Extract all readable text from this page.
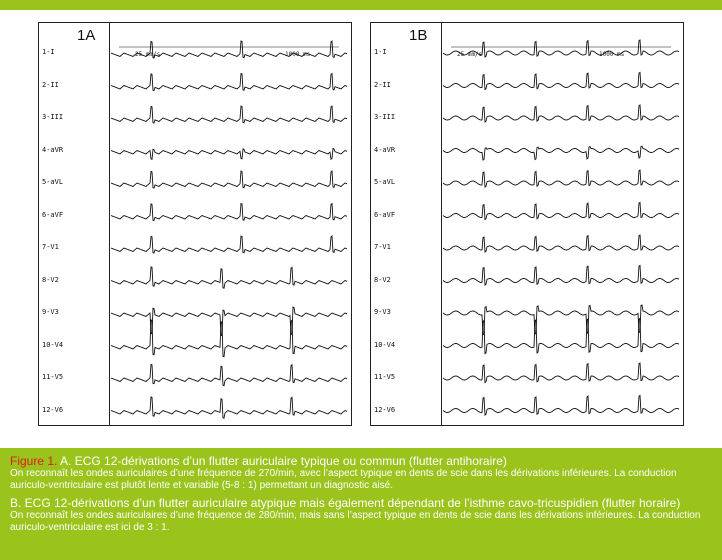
1A
25 mm/s	1000 ms
1-I
2-II
3-III
4-aVR
5-aVL
6-aVF
7-V1
8-V2
9-V3
10-V4
11-V5
12-V6
1B
25 mm/s	1000 ms
1-I
2-II
3-III
4-aVR
5-aVL
6-aVF
7-V1
8-V2
9-V3
10-V4
11-V5
12-V6
Figure 1. A. ECG 12-dérivations d’un flutter auriculaire typique ou commun (flutter antihoraire)
On reconnaît les ondes auriculaires d’une fréquence de 270/min, avec l’aspect typique en dents de scie dans les dérivations inférieures. La conduction auriculo-ventriculaire est plutôt lente et variable (5-8 : 1) permettant un diagnostic aisé.
B. ECG 12-dérivations d’un flutter auriculaire atypique mais également dépendant de l’isthme cavo-tricuspidien (flutter horaire)
On reconnaît les ondes auriculaires d’une fréquence de 280/min, mais sans l’aspect typique en dents de scie dans les dérivations inférieures. La conduction auriculo-ventriculaire est ici de 3 : 1.
